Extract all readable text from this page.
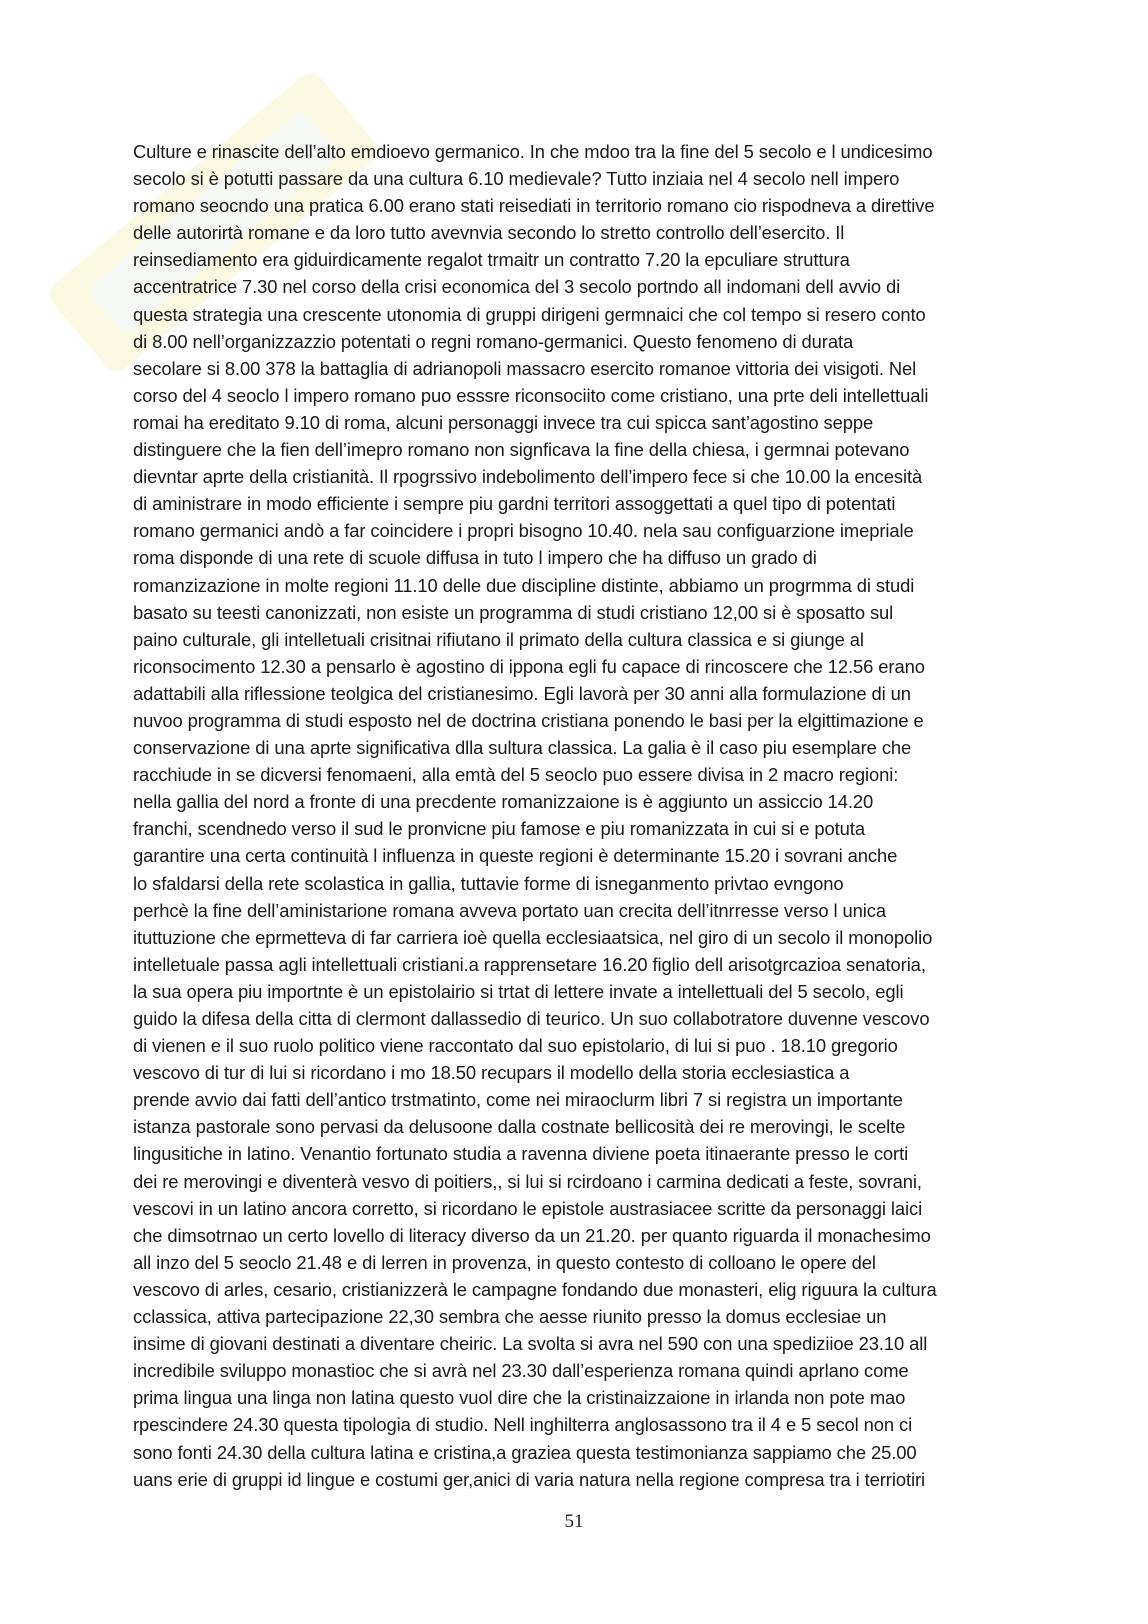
Culture e rinascite dell’alto emdioevo germanico. In che mdoo tra la fine del 5 secolo e l undicesimo
secolo si è potutti passare da una cultura 6.10 medievale? Tutto inziaia nel 4 secolo nell impero
romano seocndo una pratica 6.00 erano stati reisediati in territorio romano cio rispodneva a direttive
delle autorirtà romane e da loro tutto avevnvia secondo lo stretto controllo dell’esercito. Il
reinsediamento era giduirdicamente regalot trmaitr un contratto 7.20 la epculiare struttura
accentratrice 7.30 nel corso della crisi economica del 3 secolo portndo all indomani dell avvio di
questa strategia una crescente utonomia di gruppi dirigeni germnaici che col tempo si resero conto
di 8.00 nell’organizzazzio potentati o regni romano-germanici. Questo fenomeno di durata
secolare si 8.00 378 la battaglia di adrianopoli massacro esercito romanoe vittoria dei visigoti. Nel
corso del 4 seoclo l impero romano puo esssre riconsociito come cristiano, una prte deli intellettuali
romai ha ereditato 9.10 di roma, alcuni personaggi invece tra cui spicca sant’agostino seppe
distinguere che la fien dell’imepro romano non signficava la fine della chiesa, i germnai potevano
dievntar aprte della cristianità. Il rpogrssivo indebolimento dell’impero fece si che 10.00 la encesità
di aministrare in modo efficiente i sempre piu gardni territori assoggettati a quel tipo di potentati
romano germanici andò a far coincidere i propri bisogno 10.40. nela sau configuarzione imepriale
roma disponde di una rete di scuole diffusa in tuto l impero che ha diffuso un grado di
romanzizazione in molte regioni 11.10 delle due discipline distinte, abbiamo un progrmma di studi
basato su teesti canonizzati, non esiste un programma di studi cristiano 12,00 si è sposatto sul
paino culturale, gli intelletuali crisitnai rifiutano il primato della cultura classica e si giunge al
riconsocimento 12.30 a pensarlo è agostino di ippona egli fu capace di rincoscere che 12.56 erano
adattabili alla riflessione teolgica del cristianesimo. Egli lavorà per 30 anni alla formulazione di un
nuvoo programma di studi esposto nel de doctrina cristiana ponendo le basi per la elgittimazione e
conservazione di una aprte significativa dlla sultura classica. La galia è il caso piu esemplare che
racchiude in se dicversi fenomaeni, alla emtà del 5 seoclo puo essere divisa in 2 macro regioni:
nella gallia del nord a fronte di una precdente romanizzaione is è aggiunto un assiccio 14.20
franchi, scendnedo verso il sud le pronvicne piu famose e piu romanizzata in cui si e potuta
garantire una certa continuità l influenza in queste regioni è determinante 15.20 i sovrani anche
lo sfaldarsi della rete scolastica in gallia, tuttavie forme di isneganmento privtao evngono
perhcè la fine dell’aministarione romana avveva portato uan crecita dell’itnrresse verso l unica
ituttuzione che eprmetteva di far carriera ioè quella ecclesiaatsica, nel giro di un secolo il monopolio
intelletuale passa agli intellettuali cristiani.a rapprensetare 16.20 figlio dell arisotgrcazioa senatoria,
la sua opera piu importnte è un epistolairio si trtat di lettere invate a intellettuali del 5 secolo, egli
guido la difesa della citta di clermont dallassedio di teurico. Un suo collabotratore duvenne vescovo
di vienen e il suo ruolo politico viene raccontato dal suo epistolario, di lui si puo . 18.10 gregorio
vescovo di tur di lui si ricordano i mo 18.50 recupars il modello della storia ecclesiastica a
prende avvio dai fatti dell’antico trstmatinto, come nei miraoclurm libri 7 si registra un importante
istanza pastorale sono pervasi da delusoone dalla costnate bellicosità dei re merovingi, le scelte
lingusitiche in latino. Venantio fortunato studia a ravenna diviene poeta itinaerante presso le corti
dei re merovingi e diventerà vesvo di poitiers,, si lui si rcirdoano i carmina dedicati a feste, sovrani,
vescovi in un latino ancora corretto, si ricordano le epistole austrasiacee scritte da personaggi laici
che dimsotrnao un certo lovello di literacy diverso da un 21.20. per quanto riguarda il monachesimo
all inzo del 5 seoclo 21.48 e di lerren in provenza, in questo contesto di colloano le opere del
vescovo di arles, cesario, cristianizzerà le campagne fondando due monasteri, elig riguura la cultura
cclassica, attiva partecipazione 22,30 sembra che aesse riunito presso la domus ecclesiae un
insime di giovani destinati a diventare cheiric. La svolta si avra nel 590 con una spediziioe 23.10 all
incredibile sviluppo monastioc che si avrà nel 23.30 dall’esperienza romana quindi aprlano come
prima lingua una linga non latina questo vuol dire che la cristinaizzaione in irlanda non pote mao
rpescindere 24.30 questa tipologia di studio. Nell inghilterra anglosassono tra il 4 e 5 secol non ci
sono fonti 24.30 della cultura latina e cristina,a graziea questa testimonianza sappiamo che 25.00
uans erie di gruppi id lingue e costumi ger,anici di varia natura nella regione compresa tra i terriotiri
51
